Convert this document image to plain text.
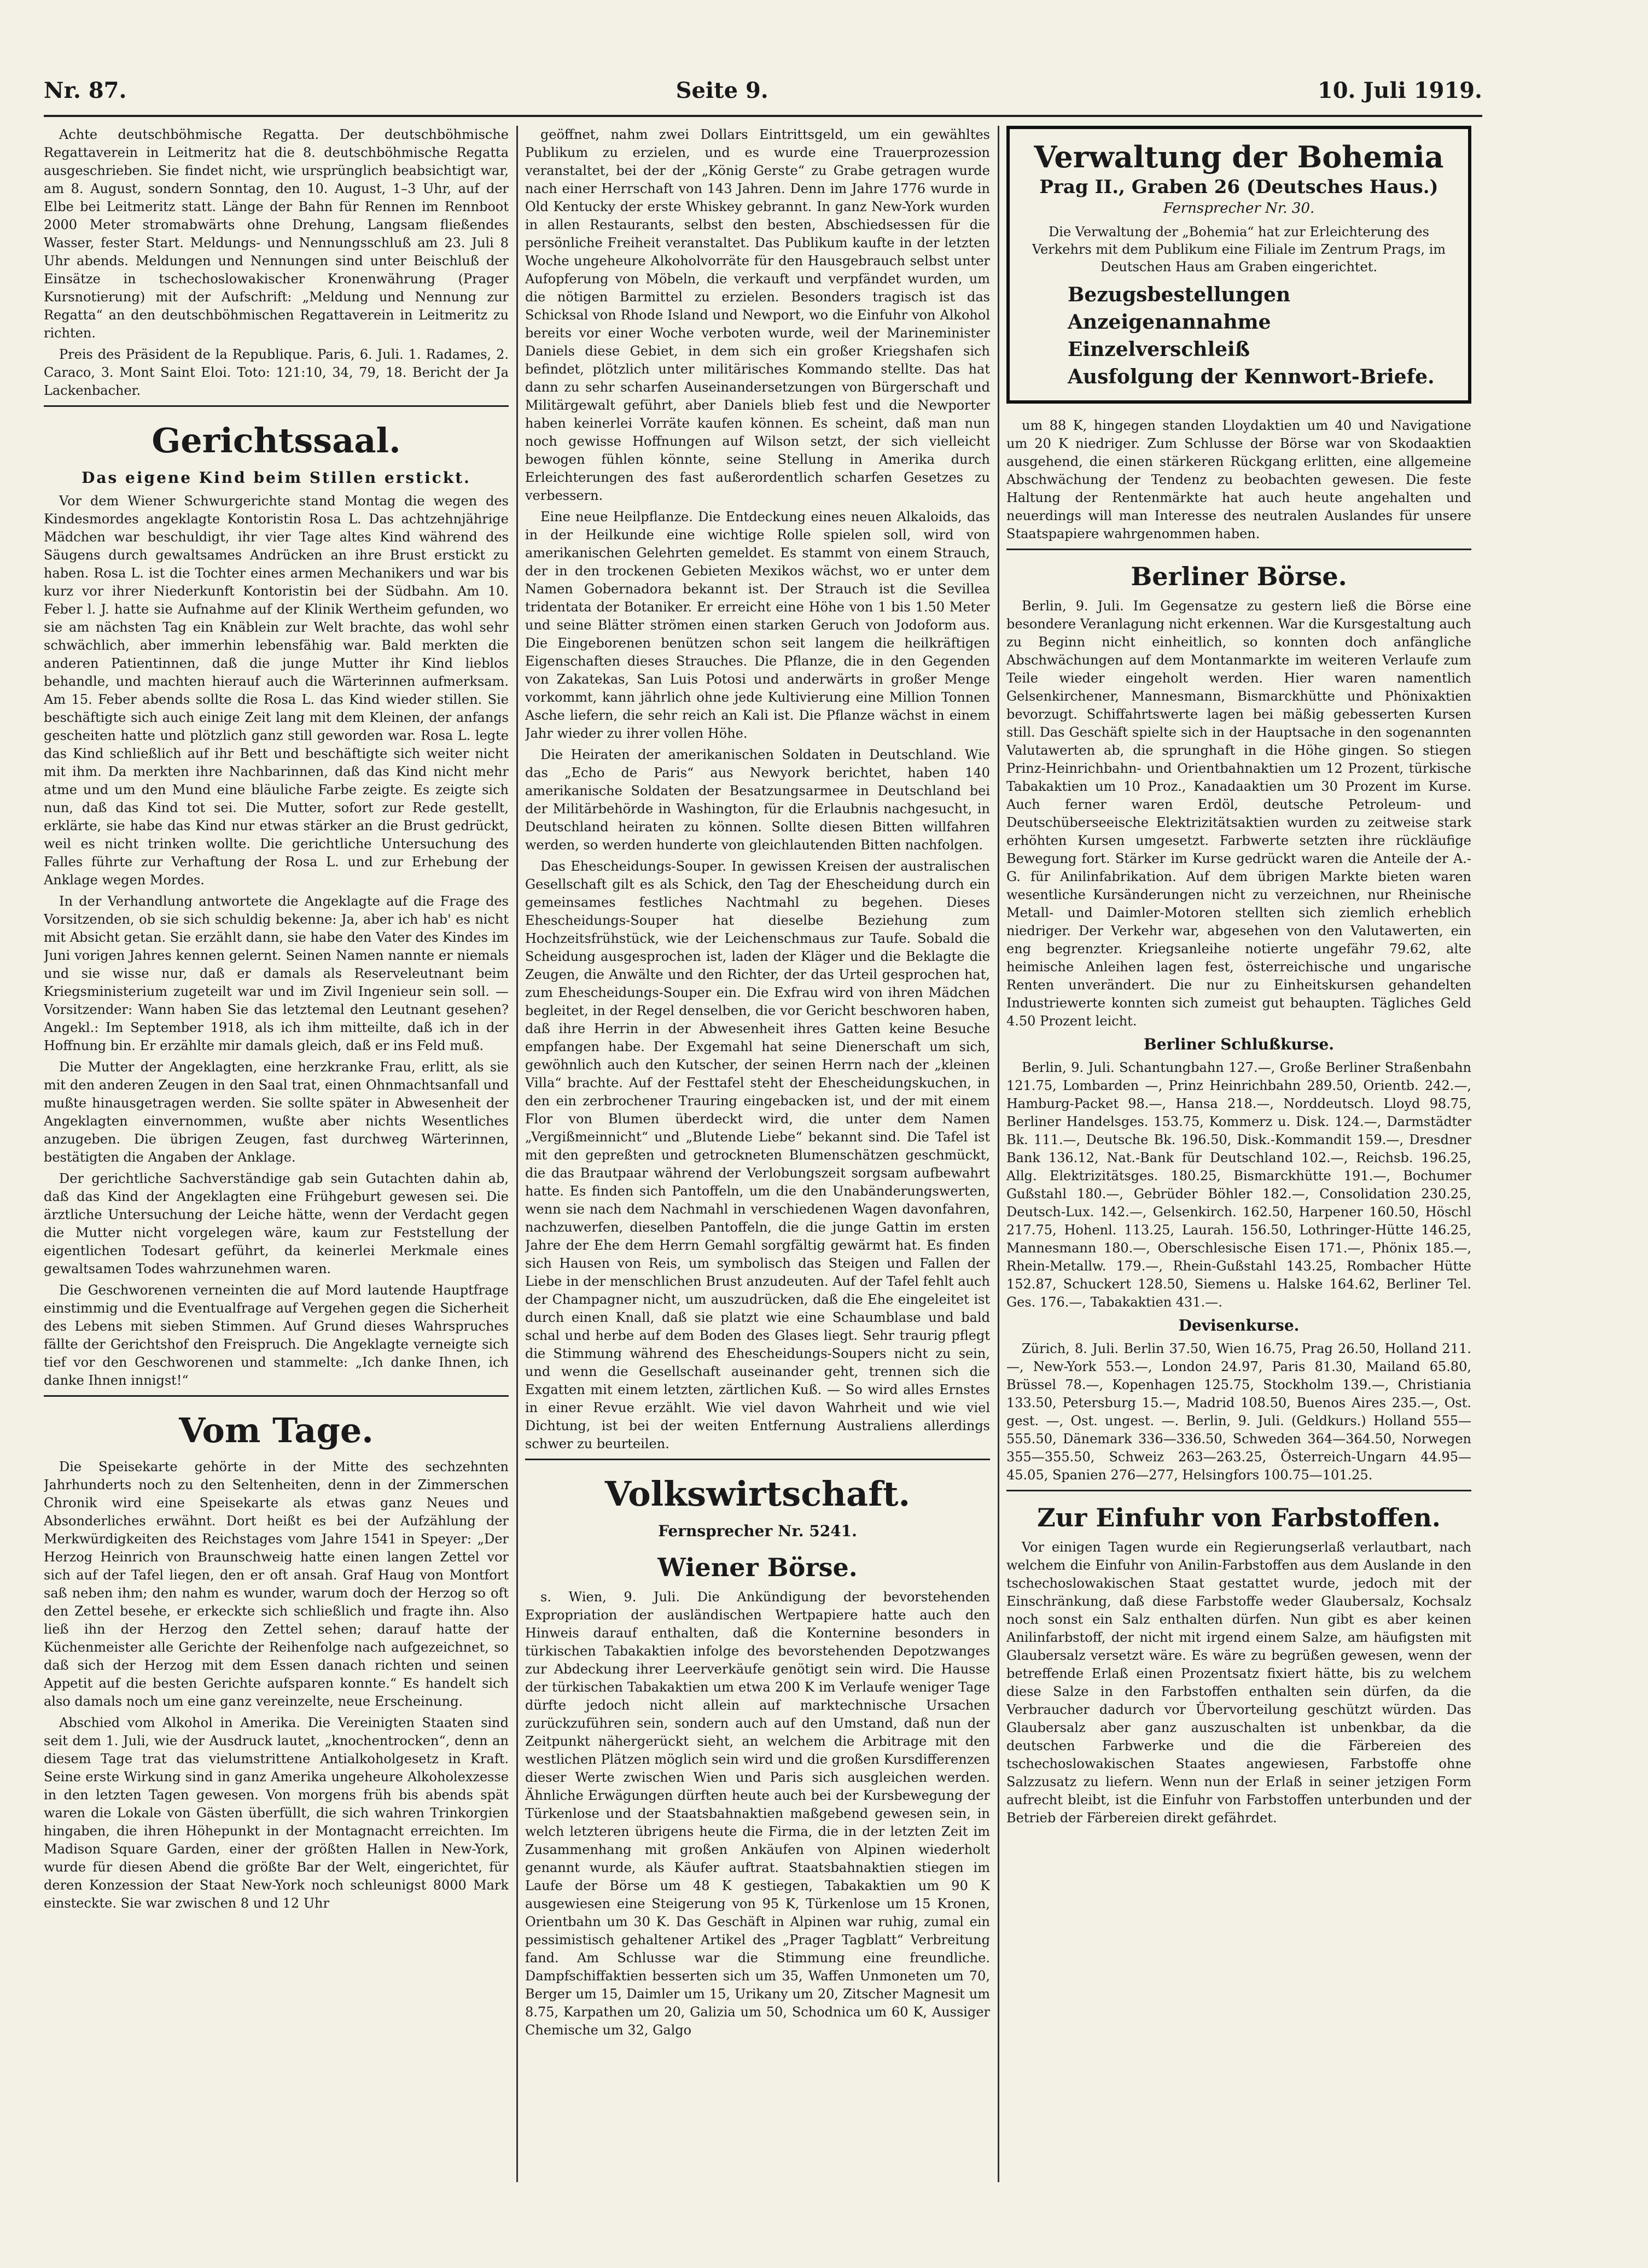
Nr. 87.	Seite 9.	10. Juli 1919.

Achte deutschböhmische Regatta. Der deutschböhmische Regattaverein in Leitmeritz hat die 8. deutschböhmische Regatta ausgeschrieben. Sie findet nicht, wie ursprünglich beabsichtigt war, am 8. August, sondern Sonntag, den 10. August, 1–3 Uhr, auf der Elbe bei Leitmeritz statt. Länge der Bahn für Rennen im Rennboot 2000 Meter stromabwärts ohne Drehung, Langsam fließendes Wasser, fester Start. Meldungs- und Nennungsschluß am 23. Juli 8 Uhr abends. Meldungen und Nennungen sind unter Beischluß der Einsätze in tschechoslowakischer Kronenwährung (Prager Kursnotierung) mit der Aufschrift: „Meldung und Nennung zur Regatta“ an den deutschböhmischen Regattaverein in Leitmeritz zu richten.

Preis des Präsident de la Republique. Paris, 6. Juli. 1. Radames, 2. Caraco, 3. Mont Saint Eloi. Toto: 121:10, 34, 79, 18. Bericht der Ja Lackenbacher.

Gerichtssaal.
Das eigene Kind beim Stillen erstickt.

Vor dem Wiener Schwurgerichte stand Montag die wegen des Kindesmordes angeklagte Kontoristin Rosa L. Das achtzehnjährige Mädchen war beschuldigt, ihr vier Tage altes Kind während des Säugens durch gewaltsames Andrücken an ihre Brust erstickt zu haben. Rosa L. ist die Tochter eines armen Mechanikers und war bis kurz vor ihrer Niederkunft Kontoristin bei der Südbahn. Am 10. Feber l. J. hatte sie Aufnahme auf der Klinik Wertheim gefunden, wo sie am nächsten Tag ein Knäblein zur Welt brachte, das wohl sehr schwächlich, aber immerhin lebensfähig war. Bald merkten die anderen Patientinnen, daß die junge Mutter ihr Kind lieblos behandle, und machten hierauf auch die Wärterinnen aufmerksam. Am 15. Feber abends sollte die Rosa L. das Kind wieder stillen. Sie beschäftigte sich auch einige Zeit lang mit dem Kleinen, der anfangs gescheiten hatte und plötzlich ganz still geworden war. Rosa L. legte das Kind schließlich auf ihr Bett und beschäftigte sich weiter nicht mit ihm. Da merkten ihre Nachbarinnen, daß das Kind nicht mehr atme und um den Mund eine bläuliche Farbe zeigte. Es zeigte sich nun, daß das Kind tot sei. Die Mutter, sofort zur Rede gestellt, erklärte, sie habe das Kind nur etwas stärker an die Brust gedrückt, weil es nicht trinken wollte. Die gerichtliche Untersuchung des Falles führte zur Verhaftung der Rosa L. und zur Erhebung der Anklage wegen Mordes.

In der Verhandlung antwortete die Angeklagte auf die Frage des Vorsitzenden, ob sie sich schuldig bekenne: Ja, aber ich hab' es nicht mit Absicht getan. Sie erzählt dann, sie habe den Vater des Kindes im Juni vorigen Jahres kennen gelernt. Seinen Namen nannte er niemals und sie wisse nur, daß er damals als Reserveleutnant beim Kriegsministerium zugeteilt war und im Zivil Ingenieur sein soll. — Vorsitzender: Wann haben Sie das letztemal den Leutnant gesehen? Angekl.: Im September 1918, als ich ihm mitteilte, daß ich in der Hoffnung bin. Er erzählte mir damals gleich, daß er ins Feld muß.

Die Mutter der Angeklagten, eine herzkranke Frau, erlitt, als sie mit den anderen Zeugen in den Saal trat, einen Ohnmachtsanfall und mußte hinausgetragen werden. Sie sollte später in Abwesenheit der Angeklagten einvernommen, wußte aber nichts Wesentliches anzugeben. Die übrigen Zeugen, fast durchweg Wärterinnen, bestätigten die Angaben der Anklage.

Der gerichtliche Sachverständige gab sein Gutachten dahin ab, daß das Kind der Angeklagten eine Frühgeburt gewesen sei. Die ärztliche Untersuchung der Leiche hätte, wenn der Verdacht gegen die Mutter nicht vorgelegen wäre, kaum zur Feststellung der eigentlichen Todesart geführt, da keinerlei Merkmale eines gewaltsamen Todes wahrzunehmen waren.

Die Geschworenen verneinten die auf Mord lautende Hauptfrage einstimmig und die Eventualfrage auf Vergehen gegen die Sicherheit des Lebens mit sieben Stimmen. Auf Grund dieses Wahrspruches fällte der Gerichtshof den Freispruch. Die Angeklagte verneigte sich tief vor den Geschworenen und stammelte: „Ich danke Ihnen, ich danke Ihnen innigst!“

Vom Tage.

Die Speisekarte gehörte in der Mitte des sechzehnten Jahrhunderts noch zu den Seltenheiten, denn in der Zimmerschen Chronik wird eine Speisekarte als etwas ganz Neues und Absonderliches erwähnt. Dort heißt es bei der Aufzählung der Merkwürdigkeiten des Reichstages vom Jahre 1541 in Speyer: „Der Herzog Heinrich von Braunschweig hatte einen langen Zettel vor sich auf der Tafel liegen, den er oft ansah. Graf Haug von Montfort saß neben ihm; den nahm es wunder, warum doch der Herzog so oft den Zettel besehe, er erkeckte sich schließlich und fragte ihn. Also ließ ihn der Herzog den Zettel sehen; darauf hatte der Küchenmeister alle Gerichte der Reihenfolge nach aufgezeichnet, so daß sich der Herzog mit dem Essen danach richten und seinen Appetit auf die besten Gerichte aufsparen konnte.“ Es handelt sich also damals noch um eine ganz vereinzelte, neue Erscheinung.

Abschied vom Alkohol in Amerika. Die Vereinigten Staaten sind seit dem 1. Juli, wie der Ausdruck lautet, „knochentrocken“, denn an diesem Tage trat das vielumstrittene Antialkoholgesetz in Kraft. Seine erste Wirkung sind in ganz Amerika ungeheure Alkoholexzesse in den letzten Tagen gewesen. Von morgens früh bis abends spät waren die Lokale von Gästen überfüllt, die sich wahren Trinkorgien hingaben, die ihren Höhepunkt in der Montagnacht erreichten. Im Madison Square Garden, einer der größten Hallen in New-York, wurde für diesen Abend die größte Bar der Welt, eingerichtet, für deren Konzession der Staat New-York noch schleunigst 8000 Mark einsteckte. Sie war zwischen 8 und 12 Uhr

geöffnet, nahm zwei Dollars Eintrittsgeld, um ein gewähltes Publikum zu erzielen, und es wurde eine Trauerprozession veranstaltet, bei der der „König Gerste“ zu Grabe getragen wurde nach einer Herrschaft von 143 Jahren. Denn im Jahre 1776 wurde in Old Kentucky der erste Whiskey gebrannt. In ganz New-York wurden in allen Restaurants, selbst den besten, Abschiedsessen für die persönliche Freiheit veranstaltet. Das Publikum kaufte in der letzten Woche ungeheure Alkoholvorräte für den Hausgebrauch selbst unter Aufopferung von Möbeln, die verkauft und verpfändet wurden, um die nötigen Barmittel zu erzielen. Besonders tragisch ist das Schicksal von Rhode Island und Newport, wo die Einfuhr von Alkohol bereits vor einer Woche verboten wurde, weil der Marineminister Daniels diese Gebiet, in dem sich ein großer Kriegshafen sich befindet, plötzlich unter militärisches Kommando stellte. Das hat dann zu sehr scharfen Auseinandersetzungen von Bürgerschaft und Militärgewalt geführt, aber Daniels blieb fest und die Newporter haben keinerlei Vorräte kaufen können. Es scheint, daß man nun noch gewisse Hoffnungen auf Wilson setzt, der sich vielleicht bewogen fühlen könnte, seine Stellung in Amerika durch Erleichterungen des fast außerordentlich scharfen Gesetzes zu verbessern.

Eine neue Heilpflanze. Die Entdeckung eines neuen Alkaloids, das in der Heilkunde eine wichtige Rolle spielen soll, wird von amerikanischen Gelehrten gemeldet. Es stammt von einem Strauch, der in den trockenen Gebieten Mexikos wächst, wo er unter dem Namen Gobernadora bekannt ist. Der Strauch ist die Sevillea tridentata der Botaniker. Er erreicht eine Höhe von 1 bis 1.50 Meter und seine Blätter strömen einen starken Geruch von Jodoform aus. Die Eingeborenen benützen schon seit langem die heilkräftigen Eigenschaften dieses Strauches. Die Pflanze, die in den Gegenden von Zakatekas, San Luis Potosi und anderwärts in großer Menge vorkommt, kann jährlich ohne jede Kultivierung eine Million Tonnen Asche liefern, die sehr reich an Kali ist. Die Pflanze wächst in einem Jahr wieder zu ihrer vollen Höhe.

Die Heiraten der amerikanischen Soldaten in Deutschland. Wie das „Echo de Paris“ aus Newyork berichtet, haben 140 amerikanische Soldaten der Besatzungsarmee in Deutschland bei der Militärbehörde in Washington, für die Erlaubnis nachgesucht, in Deutschland heiraten zu können. Sollte diesen Bitten willfahren werden, so werden hunderte von gleichlautenden Bitten nachfolgen.

Das Ehescheidungs-Souper. In gewissen Kreisen der australischen Gesellschaft gilt es als Schick, den Tag der Ehescheidung durch ein gemeinsames festliches Nachtmahl zu begehen. Dieses Ehescheidungs-Souper hat dieselbe Beziehung zum Hochzeitsfrühstück, wie der Leichenschmaus zur Taufe. Sobald die Scheidung ausgesprochen ist, laden der Kläger und die Beklagte die Zeugen, die Anwälte und den Richter, der das Urteil gesprochen hat, zum Ehescheidungs-Souper ein. Die Exfrau wird von ihren Mädchen begleitet, in der Regel denselben, die vor Gericht beschworen haben, daß ihre Herrin in der Abwesenheit ihres Gatten keine Besuche empfangen habe. Der Exgemahl hat seine Dienerschaft um sich, gewöhnlich auch den Kutscher, der seinen Herrn nach der „kleinen Villa“ brachte. Auf der Festtafel steht der Ehescheidungskuchen, in den ein zerbrochener Trauring eingebacken ist, und der mit einem Flor von Blumen überdeckt wird, die unter dem Namen „Vergißmeinnicht“ und „Blutende Liebe“ bekannt sind. Die Tafel ist mit den gepreßten und getrockneten Blumenschätzen geschmückt, die das Brautpaar während der Verlobungszeit sorgsam aufbewahrt hatte. Es finden sich Pantoffeln, um die den Unabänderungswerten, wenn sie nach dem Nachmahl in verschiedenen Wagen davonfahren, nachzuwerfen, dieselben Pantoffeln, die die junge Gattin im ersten Jahre der Ehe dem Herrn Gemahl sorgfältig gewärmt hat. Es finden sich Hausen von Reis, um symbolisch das Steigen und Fallen der Liebe in der menschlichen Brust anzudeuten. Auf der Tafel fehlt auch der Champagner nicht, um auszudrücken, daß die Ehe eingeleitet ist durch einen Knall, daß sie platzt wie eine Schaumblase und bald schal und herbe auf dem Boden des Glases liegt. Sehr traurig pflegt die Stimmung während des Ehescheidungs-Soupers nicht zu sein, und wenn die Gesellschaft auseinander geht, trennen sich die Exgatten mit einem letzten, zärtlichen Kuß. — So wird alles Ernstes in einer Revue erzählt. Wie viel davon Wahrheit und wie viel Dichtung, ist bei der weiten Entfernung Australiens allerdings schwer zu beurteilen.

Volkswirtschaft.
Fernsprecher Nr. 5241.
Wiener Börse.

s. Wien, 9. Juli. Die Ankündigung der bevorstehenden Expropriation der ausländischen Wertpapiere hatte auch den Hinweis darauf enthalten, daß die Konternine besonders in türkischen Tabakaktien infolge des bevorstehenden Depotzwanges zur Abdeckung ihrer Leerverkäufe genötigt sein wird. Die Hausse der türkischen Tabakaktien um etwa 200 K im Verlaufe weniger Tage dürfte jedoch nicht allein auf marktechnische Ursachen zurückzuführen sein, sondern auch auf den Umstand, daß nun der Zeitpunkt nähergerückt sieht, an welchem die Arbitrage mit den westlichen Plätzen möglich sein wird und die großen Kursdifferenzen dieser Werte zwischen Wien und Paris sich ausgleichen werden. Ähnliche Erwägungen dürften heute auch bei der Kursbewegung der Türkenlose und der Staatsbahnaktien maßgebend gewesen sein, in welch letzteren übrigens heute die Firma, die in der letzten Zeit im Zusammenhang mit großen Ankäufen von Alpinen wiederholt genannt wurde, als Käufer auftrat. Staatsbahnaktien stiegen im Laufe der Börse um 48 K gestiegen, Tabakaktien um 90 K ausgewiesen eine Steigerung von 95 K, Türkenlose um 15 Kronen, Orientbahn um 30 K. Das Geschäft in Alpinen war ruhig, zumal ein pessimistisch gehaltener Artikel des „Prager Tagblatt“ Verbreitung fand. Am Schlusse war die Stimmung eine freundliche. Dampfschiffaktien besserten sich um 35, Waffen Unmoneten um 70, Berger um 15, Daimler um 15, Urikany um 20, Zitscher Magnesit um 8.75, Karpathen um 20, Galizia um 50, Schodnica um 60 K, Aussiger Chemische um 32, Galgo

Verwaltung der Bohemia
Prag II., Graben 26 (Deutsches Haus.)
Fernsprecher Nr. 30.
Die Verwaltung der „Bohemia“ hat zur Erleichterung des Verkehrs mit dem Publikum eine Filiale im Zentrum Prags, im Deutschen Haus am Graben eingerichtet.
Bezugsbestellungen
Anzeigenannahme
Einzelverschleiß
Ausfolgung der Kennwort-Briefe.

um 88 K, hingegen standen Lloydaktien um 40 und Navigatione um 20 K niedriger. Zum Schlusse der Börse war von Skodaaktien ausgehend, die einen stärkeren Rückgang erlitten, eine allgemeine Abschwächung der Tendenz zu beobachten gewesen. Die feste Haltung der Rentenmärkte hat auch heute angehalten und neuerdings will man Interesse des neutralen Auslandes für unsere Staatspapiere wahrgenommen haben.

Berliner Börse.

Berlin, 9. Juli. Im Gegensatze zu gestern ließ die Börse eine besondere Veranlagung nicht erkennen. War die Kursgestaltung auch zu Beginn nicht einheitlich, so konnten doch anfängliche Abschwächungen auf dem Montanmarkte im weiteren Verlaufe zum Teile wieder eingeholt werden. Hier waren namentlich Gelsenkirchener, Mannesmann, Bismarckhütte und Phönixaktien bevorzugt. Schiffahrtswerte lagen bei mäßig gebesserten Kursen still. Das Geschäft spielte sich in der Hauptsache in den sogenannten Valutawerten ab, die sprunghaft in die Höhe gingen. So stiegen Prinz-Heinrichbahn- und Orientbahnaktien um 12 Prozent, türkische Tabakaktien um 10 Proz., Kanadaaktien um 30 Prozent im Kurse. Auch ferner waren Erdöl, deutsche Petroleum- und Deutschüberseeische Elektrizitätsaktien wurden zu zeitweise stark erhöhten Kursen umgesetzt. Farbwerte setzten ihre rückläufige Bewegung fort. Stärker im Kurse gedrückt waren die Anteile der A.-G. für Anilinfabrikation. Auf dem übrigen Markte bieten waren wesentliche Kursänderungen nicht zu verzeichnen, nur Rheinische Metall- und Daimler-Motoren stellten sich ziemlich erheblich niedriger. Der Verkehr war, abgesehen von den Valutawerten, ein eng begrenzter. Kriegsanleihe notierte ungefähr 79.62, alte heimische Anleihen lagen fest, österreichische und ungarische Renten unverändert. Die nur zu Einheitskursen gehandelten Industriewerte konnten sich zumeist gut behaupten. Tägliches Geld 4.50 Prozent leicht.

Berliner Schlußkurse.

Berlin, 9. Juli. Schantungbahn 127.—, Große Berliner Straßenbahn 121.75, Lombarden —, Prinz Heinrichbahn 289.50, Orientb. 242.—, Hamburg-Packet 98.—, Hansa 218.—, Norddeutsch. Lloyd 98.75, Berliner Handelsges. 153.75, Kommerz u. Disk. 124.—, Darmstädter Bk. 111.—, Deutsche Bk. 196.50, Disk.-Kommandit 159.—, Dresdner Bank 136.12, Nat.-Bank für Deutschland 102.—, Reichsb. 196.25, Allg. Elektrizitätsges. 180.25, Bismarckhütte 191.—, Bochumer Gußstahl 180.—, Gebrüder Böhler 182.—, Consolidation 230.25, Deutsch-Lux. 142.—, Gelsenkirch. 162.50, Harpener 160.50, Höschl 217.75, Hohenl. 113.25, Laurah. 156.50, Lothringer-Hütte 146.25, Mannesmann 180.—, Oberschlesische Eisen 171.—, Phönix 185.—, Rhein-Metallw. 179.—, Rhein-Gußstahl 143.25, Rombacher Hütte 152.87, Schuckert 128.50, Siemens u. Halske 164.62, Berliner Tel. Ges. 176.—, Tabakaktien 431.—.

Devisenkurse.

Zürich, 8. Juli. Berlin 37.50, Wien 16.75, Prag 26.50, Holland 211.—, New-York 553.—, London 24.97, Paris 81.30, Mailand 65.80, Brüssel 78.—, Kopenhagen 125.75, Stockholm 139.—, Christiania 133.50, Petersburg 15.—, Madrid 108.50, Buenos Aires 235.—, Ost. gest. —, Ost. ungest. —. Berlin, 9. Juli. (Geldkurs.) Holland 555—555.50, Dänemark 336—336.50, Schweden 364—364.50, Norwegen 355—355.50, Schweiz 263—263.25, Österreich-Ungarn 44.95—45.05, Spanien 276—277, Helsingfors 100.75—101.25.

Zur Einfuhr von Farbstoffen.

Vor einigen Tagen wurde ein Regierungserlaß verlautbart, nach welchem die Einfuhr von Anilin-Farbstoffen aus dem Auslande in den tschechoslowakischen Staat gestattet wurde, jedoch mit der Einschränkung, daß diese Farbstoffe weder Glaubersalz, Kochsalz noch sonst ein Salz enthalten dürfen. Nun gibt es aber keinen Anilinfarbstoff, der nicht mit irgend einem Salze, am häufigsten mit Glaubersalz versetzt wäre. Es wäre zu begrüßen gewesen, wenn der betreffende Erlaß einen Prozentsatz fixiert hätte, bis zu welchem diese Salze in den Farbstoffen enthalten sein dürfen, da die Verbraucher dadurch vor Übervorteilung geschützt würden. Das Glaubersalz aber ganz auszuschalten ist unbenkbar, da die deutschen Farbwerke und die die Färbereien des tschechoslowakischen Staates angewiesen, Farbstoffe ohne Salzzusatz zu liefern. Wenn nun der Erlaß in seiner jetzigen Form aufrecht bleibt, ist die Einfuhr von Farbstoffen unterbunden und der Betrieb der Färbereien direkt gefährdet.
